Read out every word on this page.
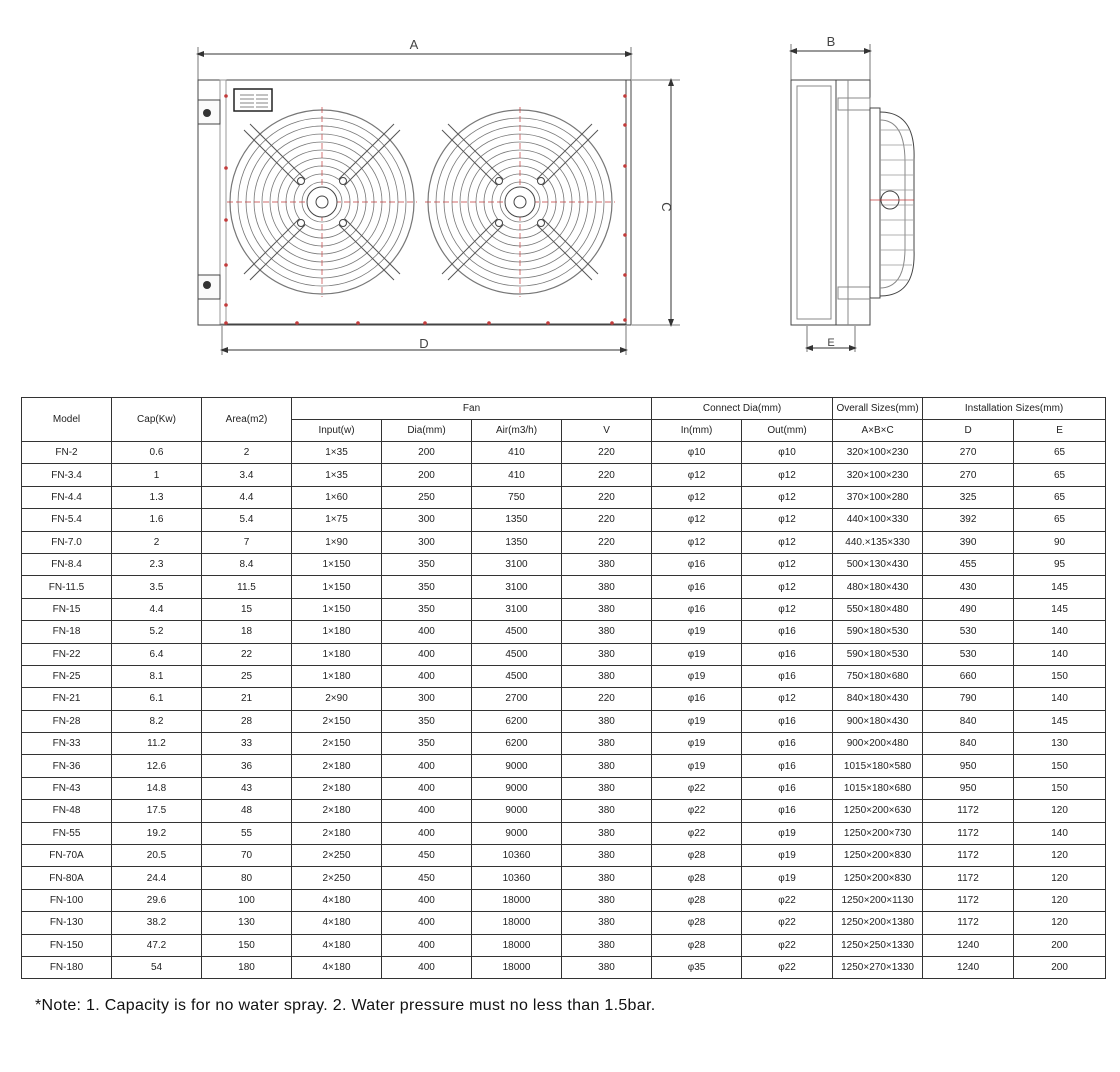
A
C
D
B
E
Model	Cap(Kw)	Area(m2)	Fan				Connect Dia(mm)		Overall Sizes(mm)	Installation Sizes(mm)	
			Input(w)	Dia(mm)	Air(m3/h)	V	In(mm)	Out(mm)	A×B×C	D	E
FN-2	0.6	2	1×35	200	410	220	φ10	φ10	320×100×230	270	65
FN-3.4	1	3.4	1×35	200	410	220	φ12	φ12	320×100×230	270	65
FN-4.4	1.3	4.4	1×60	250	750	220	φ12	φ12	370×100×280	325	65
FN-5.4	1.6	5.4	1×75	300	1350	220	φ12	φ12	440×100×330	392	65
FN-7.0	2	7	1×90	300	1350	220	φ12	φ12	440.×135×330	390	90
FN-8.4	2.3	8.4	1×150	350	3100	380	φ16	φ12	500×130×430	455	95
FN-11.5	3.5	11.5	1×150	350	3100	380	φ16	φ12	480×180×430	430	145
FN-15	4.4	15	1×150	350	3100	380	φ16	φ12	550×180×480	490	145
FN-18	5.2	18	1×180	400	4500	380	φ19	φ16	590×180×530	530	140
FN-22	6.4	22	1×180	400	4500	380	φ19	φ16	590×180×530	530	140
FN-25	8.1	25	1×180	400	4500	380	φ19	φ16	750×180×680	660	150
FN-21	6.1	21	2×90	300	2700	220	φ16	φ12	840×180×430	790	140
FN-28	8.2	28	2×150	350	6200	380	φ19	φ16	900×180×430	840	145
FN-33	11.2	33	2×150	350	6200	380	φ19	φ16	900×200×480	840	130
FN-36	12.6	36	2×180	400	9000	380	φ19	φ16	1015×180×580	950	150
FN-43	14.8	43	2×180	400	9000	380	φ22	φ16	1015×180×680	950	150
FN-48	17.5	48	2×180	400	9000	380	φ22	φ16	1250×200×630	1172	120
FN-55	19.2	55	2×180	400	9000	380	φ22	φ19	1250×200×730	1172	140
FN-70A	20.5	70	2×250	450	10360	380	φ28	φ19	1250×200×830	1172	120
FN-80A	24.4	80	2×250	450	10360	380	φ28	φ19	1250×200×830	1172	120
FN-100	29.6	100	4×180	400	18000	380	φ28	φ22	1250×200×1130	1172	120
FN-130	38.2	130	4×180	400	18000	380	φ28	φ22	1250×200×1380	1172	120
FN-150	47.2	150	4×180	400	18000	380	φ28	φ22	1250×250×1330	1240	200
FN-180	54	180	4×180	400	18000	380	φ35	φ22	1250×270×1330	1240	200
*Note: 1. Capacity is for no water spray. 2. Water pressure must no less than 1.5bar.
